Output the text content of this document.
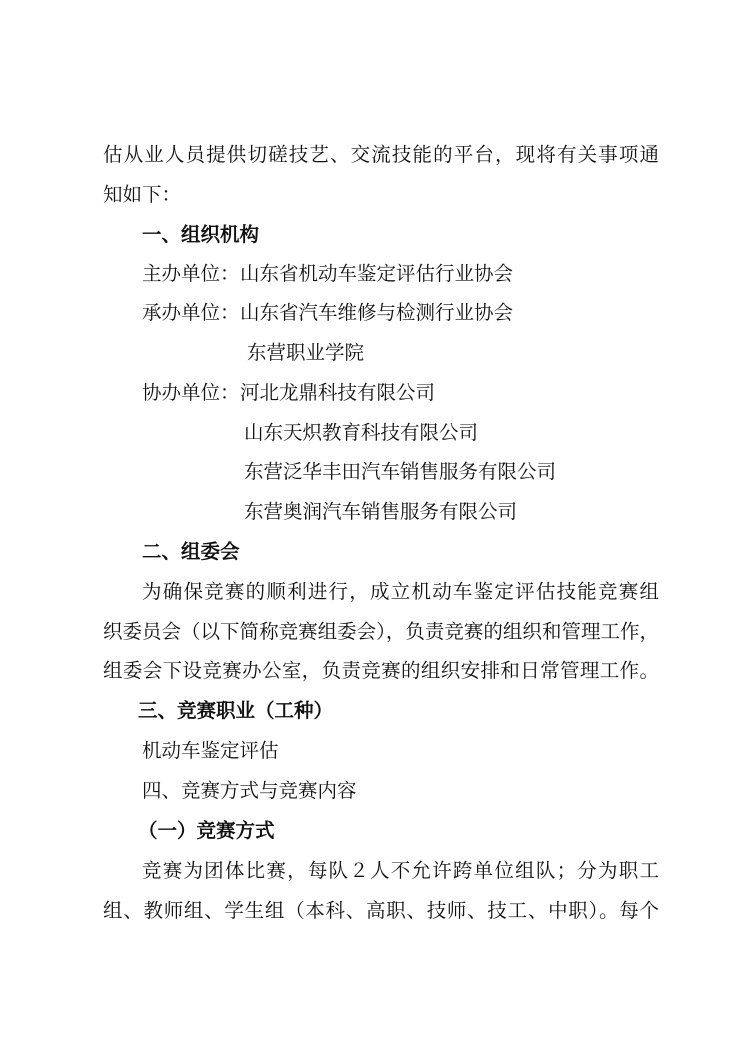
估从业人员提供切磋技艺、交流技能的平台，现将有关事项通
知如下：
一、组织机构
主办单位： 山东省机动车鉴定评估行业协会
承办单位： 山东省汽车维修与检测行业协会
东营职业学院
协办单位： 河北龙鼎科技有限公司
山东天炽教育科技有限公司
东营泛华丰田汽车销售服务有限公司
东营奥润汽车销售服务有限公司
二、组委会
为确保竞赛的顺利进行，成立机动车鉴定评估技能竞赛组
织委员会（以下简称竞赛组委会），负责竞赛的组织和管理工作，
组委会下设竞赛办公室，负责竞赛的组织安排和日常管理工作。
三、竞赛职业（工种）
机动车鉴定评估
四、竞赛方式与竞赛内容
（一）竞赛方式
竞赛为团体比赛，每队２人不允许跨单位组队；分为职工
组、教师组、学生组（本科、高职、技师、技工、中职）。每个
